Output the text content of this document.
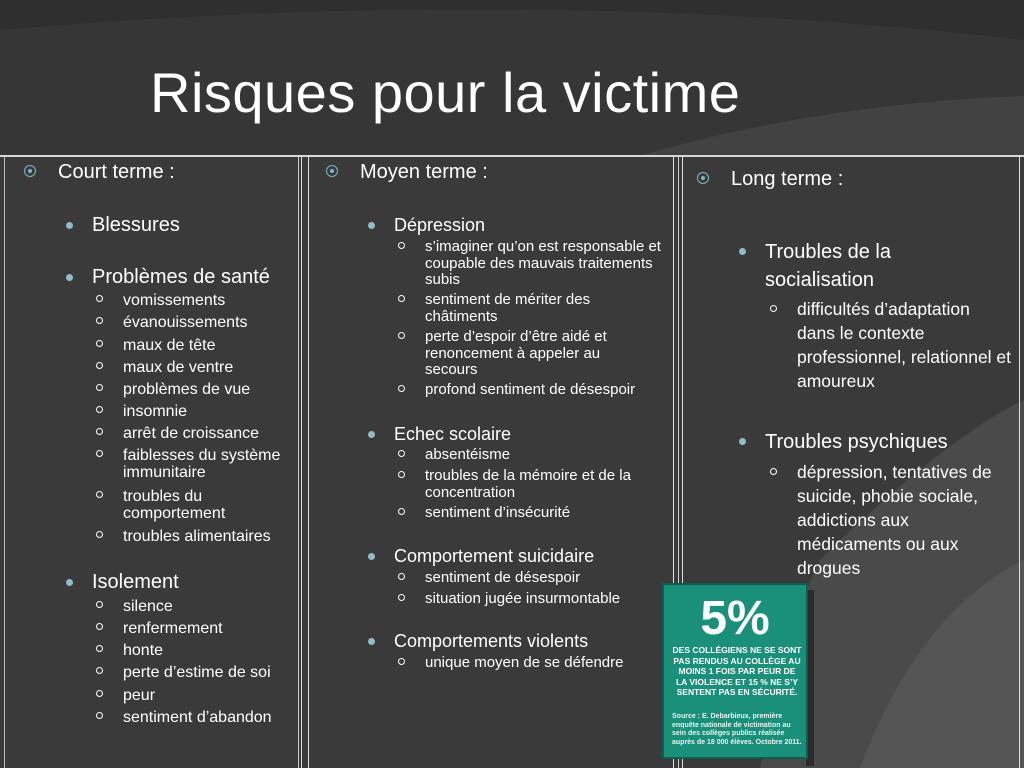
Risques pour la victime
Court terme :
Blessures
Problèmes de santé
vomissements
évanouissements
maux de tête
maux de ventre
problèmes de vue
insomnie
arrêt de croissance
faiblesses du système immunitaire
troubles du comportement
troubles alimentaires
Isolement
silence
renfermement
honte
perte d’estime de soi
peur
sentiment d’abandon
Moyen terme :
Dépression
s’imaginer qu’on est responsable et coupable des mauvais traitements subis
sentiment de mériter des châtiments
perte d’espoir d’être aidé et renoncement à appeler au secours
profond sentiment de désespoir
Echec scolaire
absentéisme
troubles de la mémoire et de la concentration
sentiment d’insécurité
Comportement suicidaire
sentiment de désespoir
situation jugée insurmontable
Comportements violents
unique moyen de se défendre
Long terme :
Troubles de la socialisation
difficultés d’adaptation dans le contexte professionnel, relationnel et amoureux
Troubles psychiques
dépression, tentatives de suicide, phobie sociale, addictions aux médicaments ou aux drogues
5%
DES COLLÉGIENS NE SE SONT PAS RENDUS AU COLLÈGE AU MOINS 1 FOIS PAR PEUR DE LA VIOLENCE ET 15 % NE S’Y SENTENT PAS EN SÉCURITÉ.
Source : E. Debarbieux, première enquête nationale de victimation au sein des collèges publics réalisée auprès de 18 000 élèves. Octobre 2011.
